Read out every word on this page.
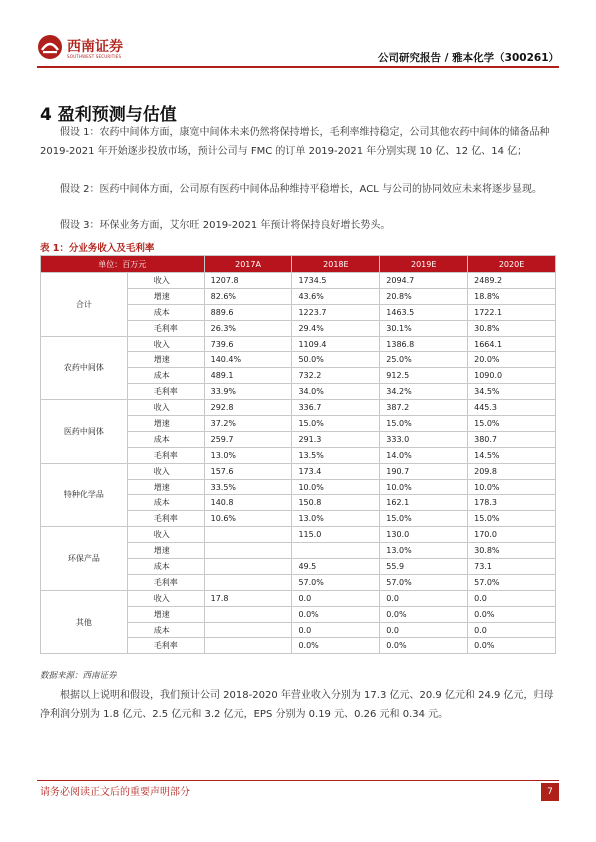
西南证券
SOUTHWEST SECURITIES	公司研究报告 / 雅本化学（300261）
4 盈利预测与估值
假设 1：农药中间体方面，康宽中间体未来仍然将保持增长，毛利率维持稳定，公司其他农药中间体的储备品种 2019-2021 年开始逐步投放市场，预计公司与 FMC 的订单 2019-2021 年分别实现 10 亿、12 亿、14 亿；
假设 2：医药中间体方面，公司原有医药中间体品种维持平稳增长，ACL 与公司的协同效应未来将逐步显现。
假设 3：环保业务方面，艾尔旺 2019-2021 年预计将保持良好增长势头。
表 1：分业务收入及毛利率
单位：百万元		2017A	2018E	2019E	2020E
合计	收入	1207.8	1734.5	2094.7	2489.2
	增速	82.6%	43.6%	20.8%	18.8%
	成本	889.6	1223.7	1463.5	1722.1
	毛利率	26.3%	29.4%	30.1%	30.8%
农药中间体	收入	739.6	1109.4	1386.8	1664.1
	增速	140.4%	50.0%	25.0%	20.0%
	成本	489.1	732.2	912.5	1090.0
	毛利率	33.9%	34.0%	34.2%	34.5%
医药中间体	收入	292.8	336.7	387.2	445.3
	增速	37.2%	15.0%	15.0%	15.0%
	成本	259.7	291.3	333.0	380.7
	毛利率	13.0%	13.5%	14.0%	14.5%
特种化学品	收入	157.6	173.4	190.7	209.8
	增速	33.5%	10.0%	10.0%	10.0%
	成本	140.8	150.8	162.1	178.3
	毛利率	10.6%	13.0%	15.0%	15.0%
环保产品	收入		115.0	130.0	170.0
	增速			13.0%	30.8%
	成本		49.5	55.9	73.1
	毛利率		57.0%	57.0%	57.0%
其他	收入	17.8	0.0	0.0	0.0
	增速		0.0%	0.0%	0.0%
	成本		0.0	0.0	0.0
	毛利率		0.0%	0.0%	0.0%
数据来源：西南证券
根据以上说明和假设，我们预计公司 2018-2020 年营业收入分别为 17.3 亿元、20.9 亿元和 24.9 亿元，归母净利润分别为 1.8 亿元、2.5 亿元和 3.2 亿元，EPS 分别为 0.19 元、0.26 元和 0.34 元。
请务必阅读正文后的重要声明部分	7
